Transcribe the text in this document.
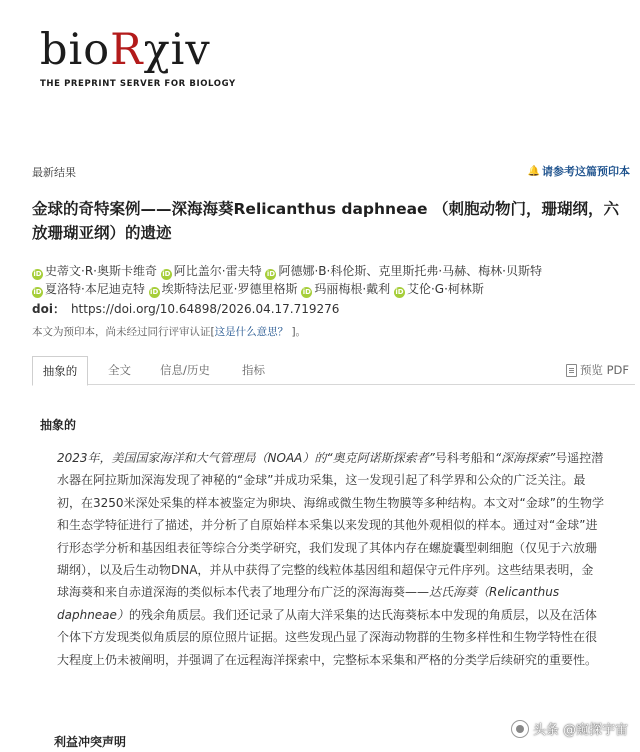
bioRχiv
THE PREPRINT SERVER FOR BIOLOGY
最新结果	🔔 请参考这篇预印本
金球的奇特案例——深海海葵Relicanthus daphneae （刺胞动物门，珊瑚纲，六放珊瑚亚纲）的遗迹
iD 史蒂文·R·奥斯卡维奇 iD 阿比盖尔·雷夫特 iD 阿德娜·B·科伦斯、克里斯托弗·马赫、梅林·贝斯特
iD 夏洛特·本尼迪克特 iD 埃斯特法尼亚·罗德里格斯 iD 玛丽梅根·戴利 iD 艾伦·G·柯林斯
doi： https://doi.org/10.64898/2026.04.17.719276
本文为预印本，尚未经过同行评审认证[这是什么意思？ ]。
抽象的	全文	信息/历史	指标	预览 PDF
抽象的

2023年，美国国家海洋和大气管理局（NOAA）的“奥克阿诺斯探索者”号科考船和“深海探索”号遥控潜水器在阿拉斯加深海发现了神秘的“金球”并成功采集，这一发现引起了科学界和公众的广泛关注。最初，在3250米深处采集的样本被鉴定为卵块、海绵或微生物生物膜等多种结构。本文对“金球”的生物学和生态学特征进行了描述，并分析了自原始样本采集以来发现的其他外观相似的样本。通过对“金球”进行形态学分析和基因组表征等综合分类学研究，我们发现了其体内存在螺旋囊型刺细胞（仅见于六放珊瑚纲），以及后生动物DNA，并从中获得了完整的线粒体基因组和超保守元件序列。这些结果表明，金球海葵和来自赤道深海的类似标本代表了地理分布广泛的深海海葵——达氏海葵（Relicanthus daphneae）的残余角质层。我们还记录了从南大洋采集的达氏海葵标本中发现的角质层，以及在活体个体下方发现类似角质层的原位照片证据。这些发现凸显了深海动物群的生物多样性和生物学特性在很大程度上仍未被阐明，并强调了在远程海洋探索中，完整标本采集和严格的分类学后续研究的重要性。

利益冲突声明
头条 @窥探宇宙
